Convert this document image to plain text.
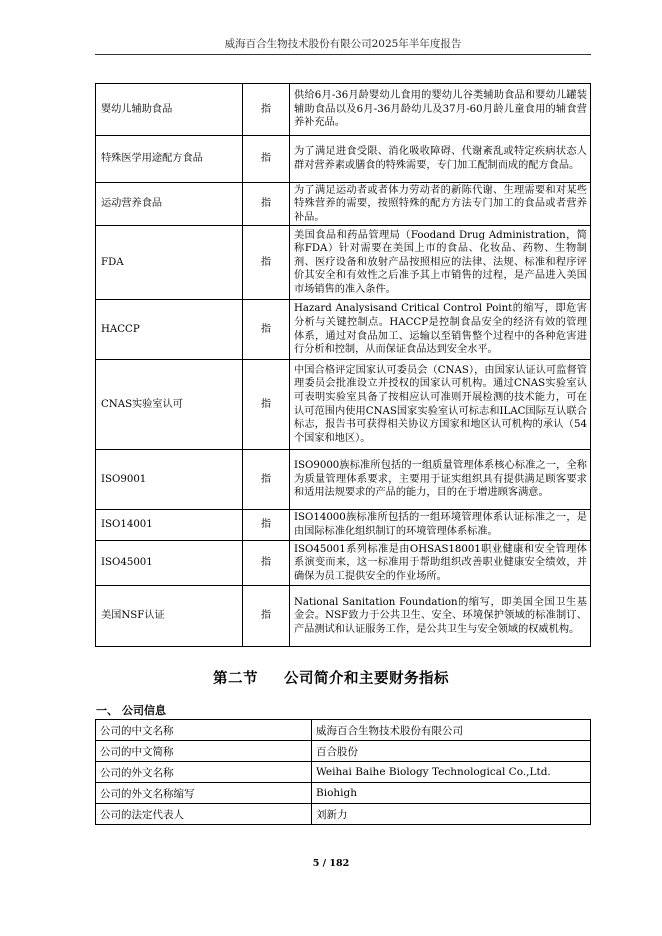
威海百合生物技术股份有限公司2025年半年度报告
婴幼儿辅助食品	指	供给6月-36月龄婴幼儿食用的婴幼儿谷类辅助食品和婴幼儿罐装辅助食品以及6月-36月龄幼儿及37月-60月龄儿童食用的辅食营养补充品。
特殊医学用途配方食品	指	为了满足进食受限、消化吸收障碍、代谢紊乱或特定疾病状态人群对营养素或膳食的特殊需要，专门加工配制而成的配方食品。
运动营养食品	指	为了满足运动者或者体力劳动者的新陈代谢、生理需要和对某些特殊营养的需要，按照特殊的配方方法专门加工的食品或者营养补品。
FDA	指	美国食品和药品管理局（Foodand Drug Administration，简称FDA）针对需要在美国上市的食品、化妆品、药物、生物制剂、医疗设备和放射产品按照相应的法律、法规、标准和程序评价其安全和有效性之后准予其上市销售的过程，是产品进入美国市场销售的准入条件。
HACCP	指	Hazard Analysisand Critical Control Point的缩写，即危害分析与关键控制点。HACCP是控制食品安全的经济有效的管理体系，通过对食品加工、运输以至销售整个过程中的各种危害进行分析和控制，从而保证食品达到安全水平。
CNAS实验室认可	指	中国合格评定国家认可委员会（CNAS），由国家认证认可监督管理委员会批准设立并授权的国家认可机构。通过CNAS实验室认可表明实验室具备了按相应认可准则开展检测的技术能力，可在认可范围内使用CNAS国家实验室认可标志和ILAC国际互认联合标志，报告书可获得相关协议方国家和地区认可机构的承认（54个国家和地区）。
ISO9001	指	ISO9000族标准所包括的一组质量管理体系核心标准之一，全称为质量管理体系要求，主要用于证实组织具有提供满足顾客要求和适用法规要求的产品的能力，目的在于增进顾客满意。
ISO14001	指	ISO14000族标准所包括的一组环境管理体系认证标准之一，是由国际标准化组织制订的环境管理体系标准。
ISO45001	指	ISO45001系列标准是由OHSAS18001职业健康和安全管理体系演变而来，这一标准用于帮助组织改善职业健康安全绩效，并确保为员工提供安全的作业场所。
美国NSF认证	指	National Sanitation Foundation的缩写，即美国全国卫生基金会。NSF致力于公共卫生、安全、环境保护领域的标准制订、产品测试和认证服务工作，是公共卫生与安全领域的权威机构。
第二节 公司简介和主要财务指标
一、 公司信息
公司的中文名称	威海百合生物技术股份有限公司
公司的中文简称	百合股份
公司的外文名称	Weihai Baihe Biology Technological Co.,Ltd.
公司的外文名称缩写	Biohigh
公司的法定代表人	刘新力
5 / 182
